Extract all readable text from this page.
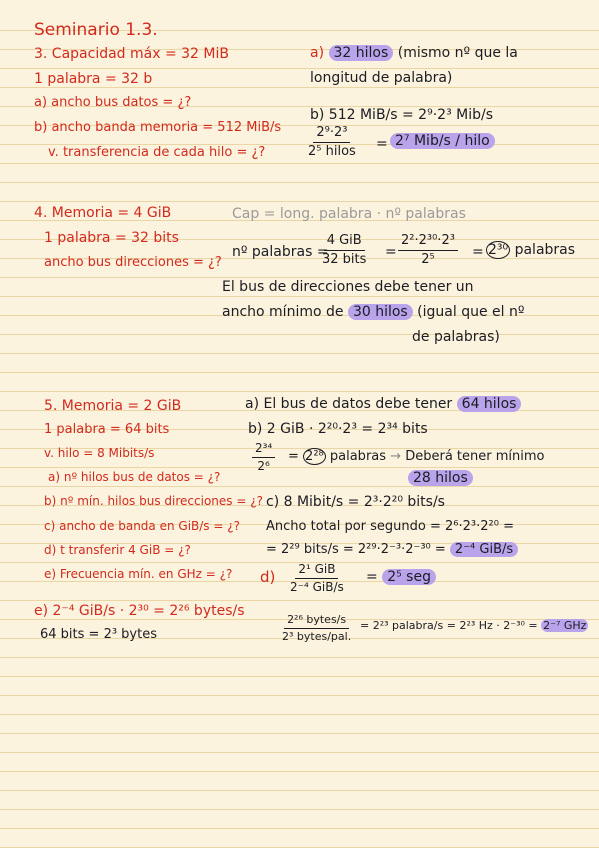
Seminario 1.3.
3. Capacidad máx = 32 MiB
1 palabra = 32 b
a) ancho bus datos = ¿?
b) ancho banda memoria = 512 MiB/s
v. transferencia de cada hilo = ¿?
a) 32 hilos (mismo nº que la
longitud de palabra)
b) 512 MiB/s = 2⁹·2³ Mib/s
2⁹·2³
2⁵ hilos = 2⁷ Mib/s / hilo
4. Memoria = 4 GiB
1 palabra = 32 bits
ancho bus direcciones = ¿?
Cap = long. palabra · nº palabras
nº palabras =
4 GiB
32 bits = $\frac{\text{2²·2³⁰·2³}}{\text{2⁵}} = 2^{30}$ palabras
El bus de direcciones debe tener un
ancho mínimo de 30 hilos (igual que el nº
de palabras)
5. Memoria = 2 GiB
1 palabra = 64 bits
v. hilo = 8 Mibits/s
a) nº hilos bus de datos = ¿?
b) nº mín. hilos bus direcciones = ¿?
c) ancho de banda en GiB/s = ¿?
d) t transferir 4 GiB = ¿?
e) Frecuencia mín. en GHz = ¿?
a) El bus de datos debe tener 64 hilos
b) 2 GiB · 2²⁰·2³ = 2³⁴ bits
$\frac{\text{2³⁴}}{\text{2⁶}} = 2^{28}$ palabras → Deberá tener mínimo
28 hilos
c) 8 Mibit/s = 2³·2²⁰ bits/s
Ancho total por segundo = 2⁶·2³·2²⁰ =
= 2²⁹ bits/s = 2²⁹·2⁻³·2⁻³⁰ = 2⁻⁴ GiB/s
d) 2¹ GiB
2⁻⁴ GiB/s
= 2⁵ seg
e) 2⁻⁴ GiB/s · 2³⁰ = 2²⁶ bytes/s
64 bits = 2³ bytes
2²⁶ bytes/s
2³ bytes/pal.
= 2²³ palabra/s = 2²³ Hz · 2⁻³⁰ = 2⁻⁷ GHz
